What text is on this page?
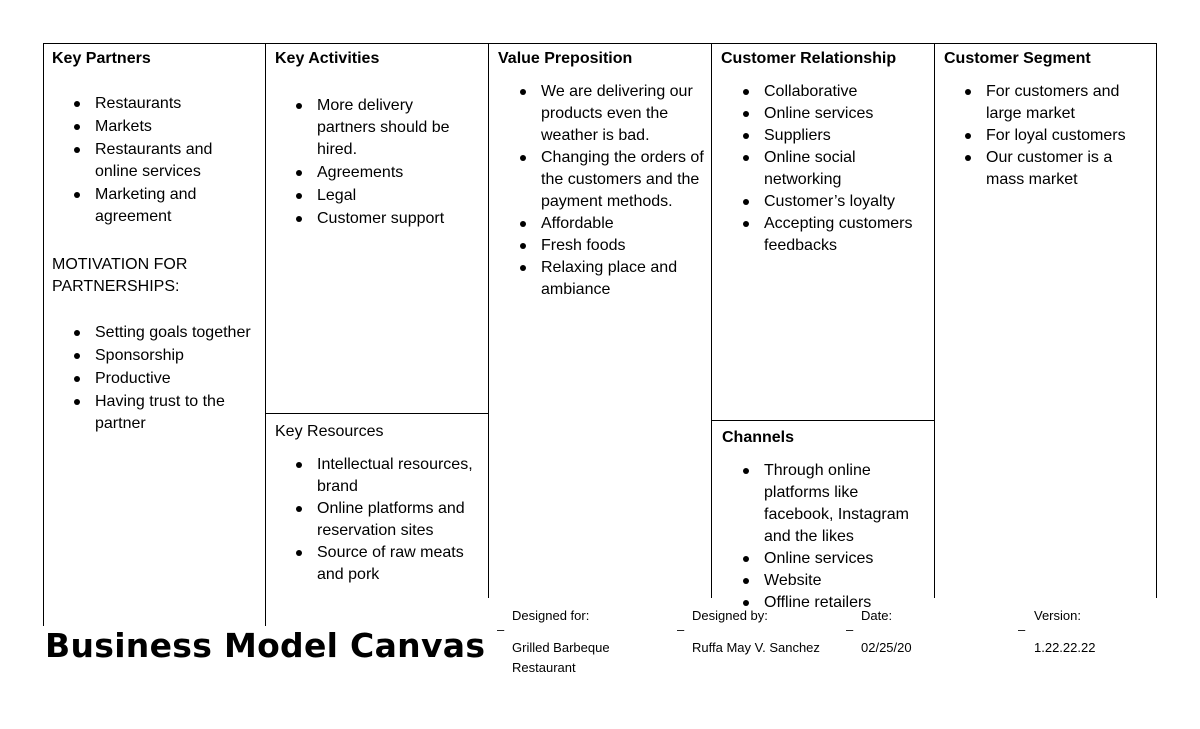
Key Partners
Restaurants
Markets
Restaurants and online services
Marketing and agreement
MOTIVATION FOR PARTNERSHIPS:
Setting goals together
Sponsorship
Productive
Having trust to the partner
Key Activities
More delivery partners should be hired.
Agreements
Legal
Customer support
Key Resources
Intellectual resources, brand
Online platforms and reservation sites
Source of raw meats and pork
Value Preposition
We are delivering our products even the weather is bad.
Changing the orders of the customers and the payment methods.
Affordable
Fresh foods
Relaxing place and ambiance
Customer Relationship
Collaborative
Online services
Suppliers
Online social networking
Customer’s loyalty
Accepting customers feedbacks
Channels
Through online platforms like facebook, Instagram and the likes
Online services
Website
Offline retailers
Customer Segment
For customers and large market
For loyal customers
Our customer is a mass market
Business Model Canvas –
Designed for:
Grilled Barbeque Restaurant
–
Designed by:
Ruffa May V. Sanchez
–
Date:
02/25/20
–
Version:
1.22.22.22
